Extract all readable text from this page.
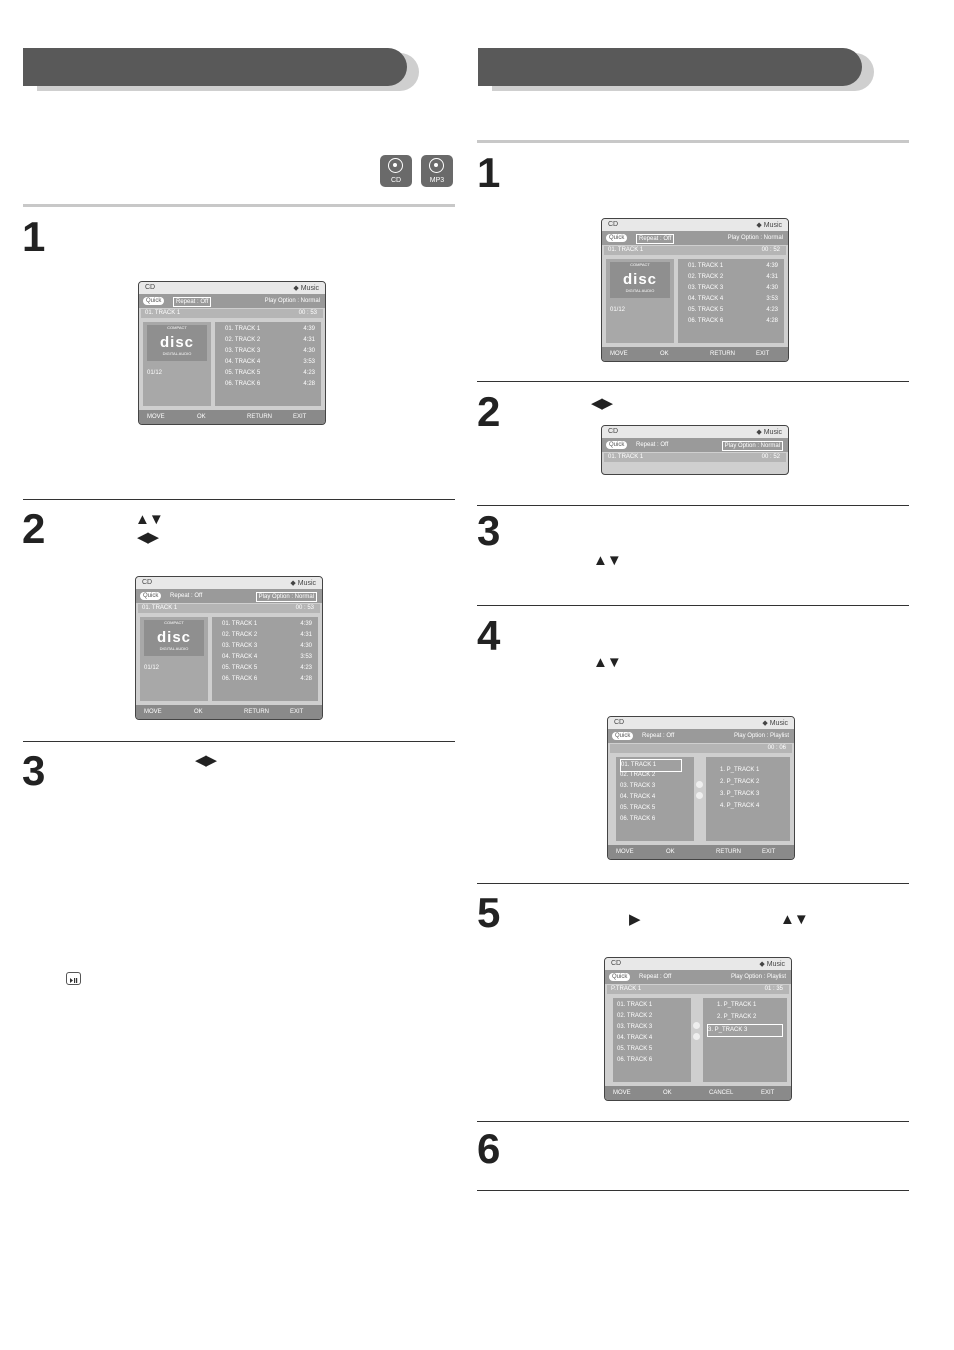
CD	MP3
1
CD	◆ Music
Quick	Repeat : Off	Play Option : Normal
01. TRACK 1	00 : 53
COMPACT
disc
DIGITAL AUDIO
01/12
01. TRACK 1	4:39
02. TRACK 2	4:31
03. TRACK 3	4:30
04. TRACK 4	3:53
05. TRACK 5	4:23
06. TRACK 6	4:28
MOVE	OK	RETURN	EXIT
2	▲▼
◀▶
CD	◆ Music
Quick	Repeat : Off	Play Option : Normal
01. TRACK 1	00 : 53
COMPACT
disc
DIGITAL AUDIO
01/12
01. TRACK 1	4:39
02. TRACK 2	4:31
03. TRACK 3	4:30
04. TRACK 4	3:53
05. TRACK 5	4:23
06. TRACK 6	4:28
MOVE	OK	RETURN	EXIT
3	◀▶
1
CD	◆ Music
Quick	Repeat : Off	Play Option : Normal
01. TRACK 1	00 : 52
COMPACT
disc
DIGITAL AUDIO
01/12
01. TRACK 1	4:39
02. TRACK 2	4:31
03. TRACK 3	4:30
04. TRACK 4	3:53
05. TRACK 5	4:23
06. TRACK 6	4:28
MOVE	OK	RETURN	EXIT
2	◀▶
CD	◆ Music
Quick	Repeat : Off	Play Option : Normal
01. TRACK 1	00 : 52
3
▲▼
4
▲▼
CD	◆ Music
Quick	Repeat : Off	Play Option : Playlist
00 : 06
01. TRACK 1
02. TRACK 2
03. TRACK 3
04. TRACK 4
05. TRACK 5
06. TRACK 6
1. P_TRACK 1
2. P_TRACK 2
3. P_TRACK 3
4. P_TRACK 4
MOVE	OK	RETURN	EXIT
5	▶	▲▼
CD	◆ Music
Quick	Repeat : Off	Play Option : Playlist
P.TRACK 1	01 : 35
01. TRACK 1
02. TRACK 2
03. TRACK 3
04. TRACK 4
05. TRACK 5
06. TRACK 6
1. P_TRACK 1
2. P_TRACK 2
3. P_TRACK 3
MOVE	OK	CANCEL	EXIT
6
